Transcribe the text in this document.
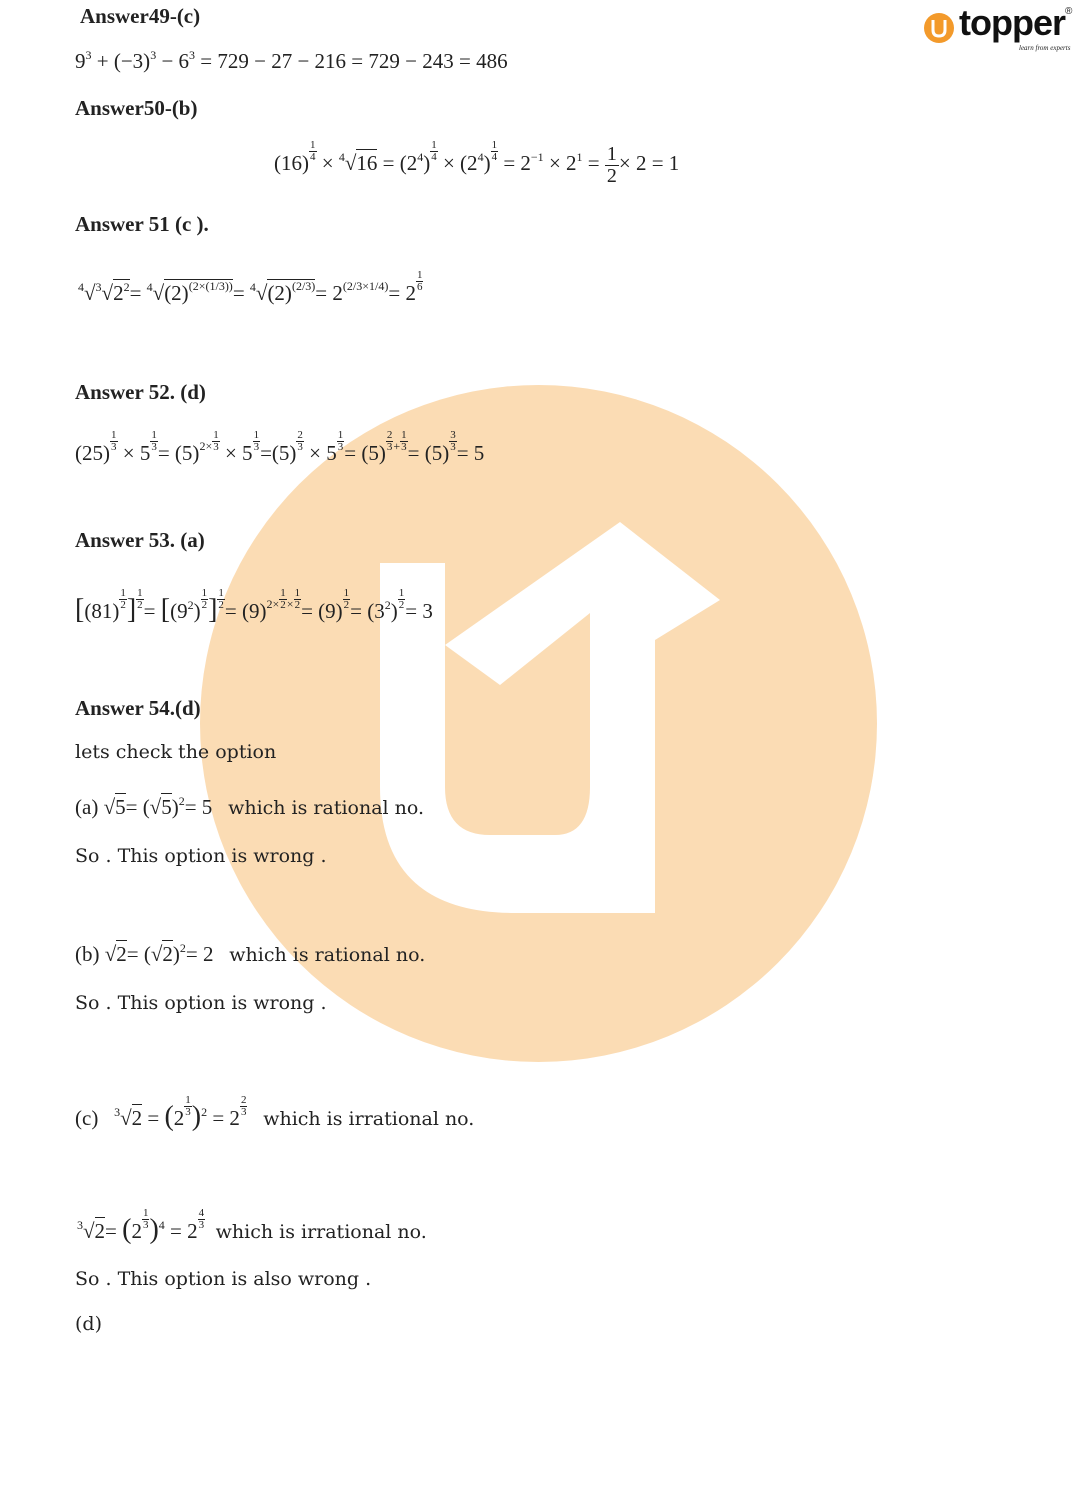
topper ®
learn from experts
Answer49-(c)
$9^3 + (-3)^3 - 6^3 = 729 - 27 - 216 = 729 - 243 = 486$
Answer50-(b)
$(16) \frac{1}{4} \times ^4√16 = (2^4) \frac{1}{4} \times (2^4) \frac{1}{4} = 2^{-1} \times 2^1 = \frac{1}{2} \times 2 = 1$
Answer 51 (c ).
$^4√^3√2^2= ^4√(2)^{(2\times(1/3))}= ^4√(2)^{(2/3)}= 2^{(2/3\times 1/4)}= 2 \frac{1}{6}$
Answer 52. (d)
$(25) \frac{1}{3} \times 5 \frac{1}{3} = (5)^{2\times} \frac{1}{3} \times 5 \frac{1}{3} =(5) \frac{2}{3} \times 5 \frac{1}{3} = (5) \frac{2}{3} ^+ \frac{1}{3} = (5) \frac{3}{3} = 5$
Answer 53. (a)
[$(81) \frac{1}{2}$ ] $\frac{1}{2} = [(9^2) \frac{1}{2}$ ] $\frac{1}{2} = (9)^{2\times} \frac{1}{2} ^\times \frac{1}{2} = (9) \frac{1}{2} = (3^2) \frac{1}{2} = 3$
Answer 54.(d)
lets check the option
(a) $√5= (√5)^2= 5$ which is rational no.
So . This option is wrong .
(b) $√2= (√2)^2= 2$ which is rational no.
So . This option is wrong .
(c)   $^3√2 = (2 \frac{1}{3} )^2 = 2 \frac{2}{3}$
which is irrational no.
$^3√2= (2 \frac{1}{3} )^4 = 2 \frac{4}{3}$
which is irrational no.
So . This option is also wrong .
(d)
